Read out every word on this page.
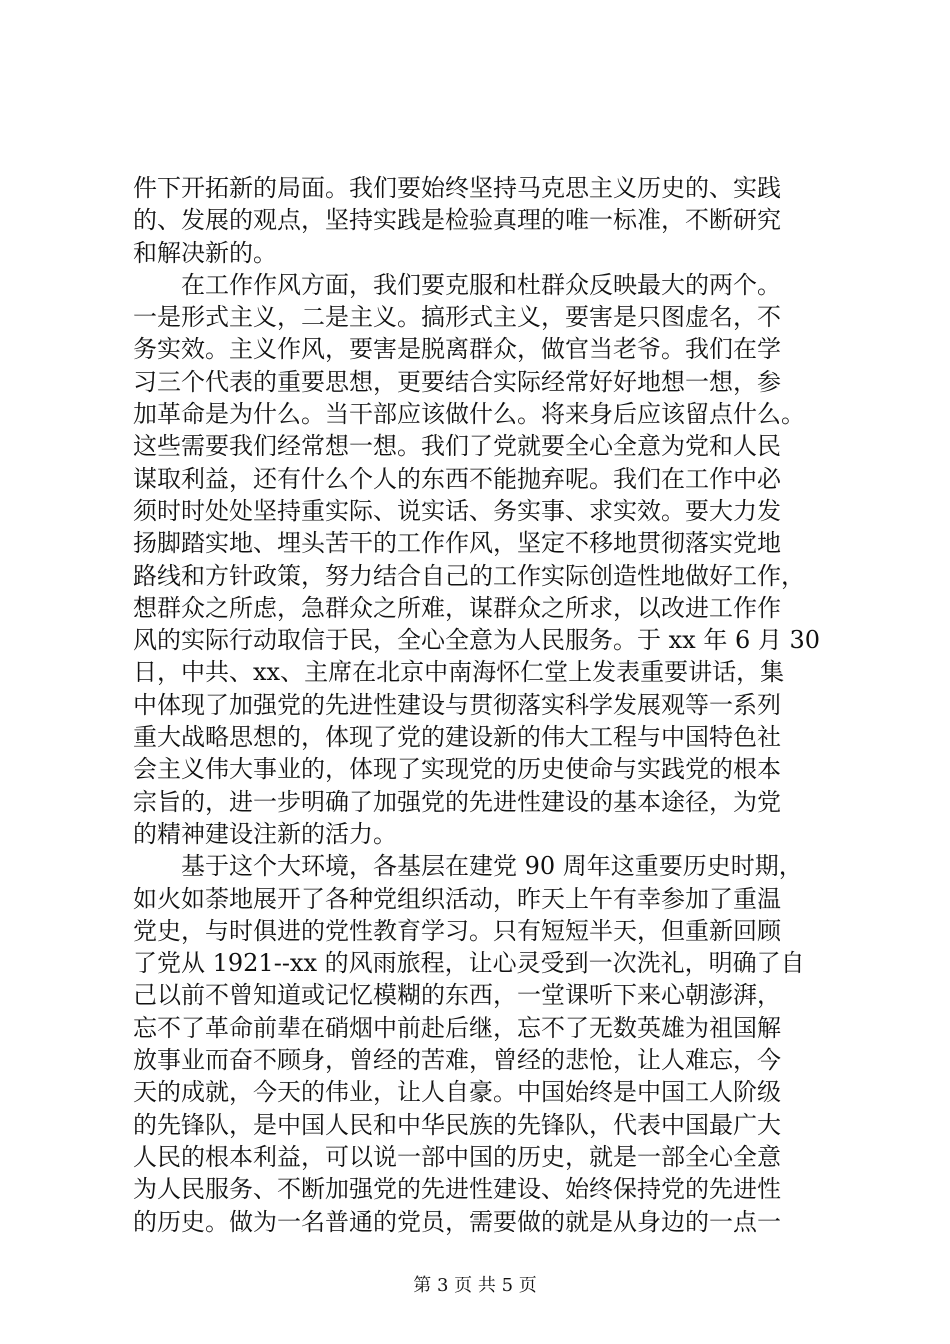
件下开拓新的局面。我们要始终坚持马克思主义历史的、实践
的、发展的观点，坚持实践是检验真理的唯一标准，不断研究
和解决新的。
　　在工作作风方面，我们要克服和杜群众反映最大的两个。
一是形式主义，二是主义。搞形式主义，要害是只图虚名，不
务实效。主义作风，要害是脱离群众，做官当老爷。我们在学
习三个代表的重要思想，更要结合实际经常好好地想一想，参
加革命是为什么。当干部应该做什么。将来身后应该留点什么。
这些需要我们经常想一想。我们了党就要全心全意为党和人民
谋取利益，还有什么个人的东西不能抛弃呢。我们在工作中必
须时时处处坚持重实际、说实话、务实事、求实效。要大力发
扬脚踏实地、埋头苦干的工作作风，坚定不移地贯彻落实党地
路线和方针政策，努力结合自己的工作实际创造性地做好工作，
想群众之所虑，急群众之所难，谋群众之所求，以改进工作作
风的实际行动取信于民，全心全意为人民服务。于 xx 年 6 月 30
日，中共、xx、主席在北京中南海怀仁堂上发表重要讲话，集
中体现了加强党的先进性建设与贯彻落实科学发展观等一系列
重大战略思想的，体现了党的建设新的伟大工程与中国特色社
会主义伟大事业的，体现了实现党的历史使命与实践党的根本
宗旨的，进一步明确了加强党的先进性建设的基本途径，为党
的精神建设注新的活力。
　　基于这个大环境，各基层在建党 90 周年这重要历史时期，
如火如荼地展开了各种党组织活动，昨天上午有幸参加了重温
党史，与时俱进的党性教育学习。只有短短半天，但重新回顾
了党从 1921--xx 的风雨旅程，让心灵受到一次洗礼，明确了自
己以前不曾知道或记忆模糊的东西，一堂课听下来心朝澎湃，
忘不了革命前辈在硝烟中前赴后继，忘不了无数英雄为祖国解
放事业而奋不顾身，曾经的苦难，曾经的悲怆，让人难忘，今
天的成就，今天的伟业，让人自豪。中国始终是中国工人阶级
的先锋队，是中国人民和中华民族的先锋队，代表中国最广大
人民的根本利益，可以说一部中国的历史，就是一部全心全意
为人民服务、不断加强党的先进性建设、始终保持党的先进性
的历史。做为一名普通的党员，需要做的就是从身边的一点一
第 3 页 共 5 页
